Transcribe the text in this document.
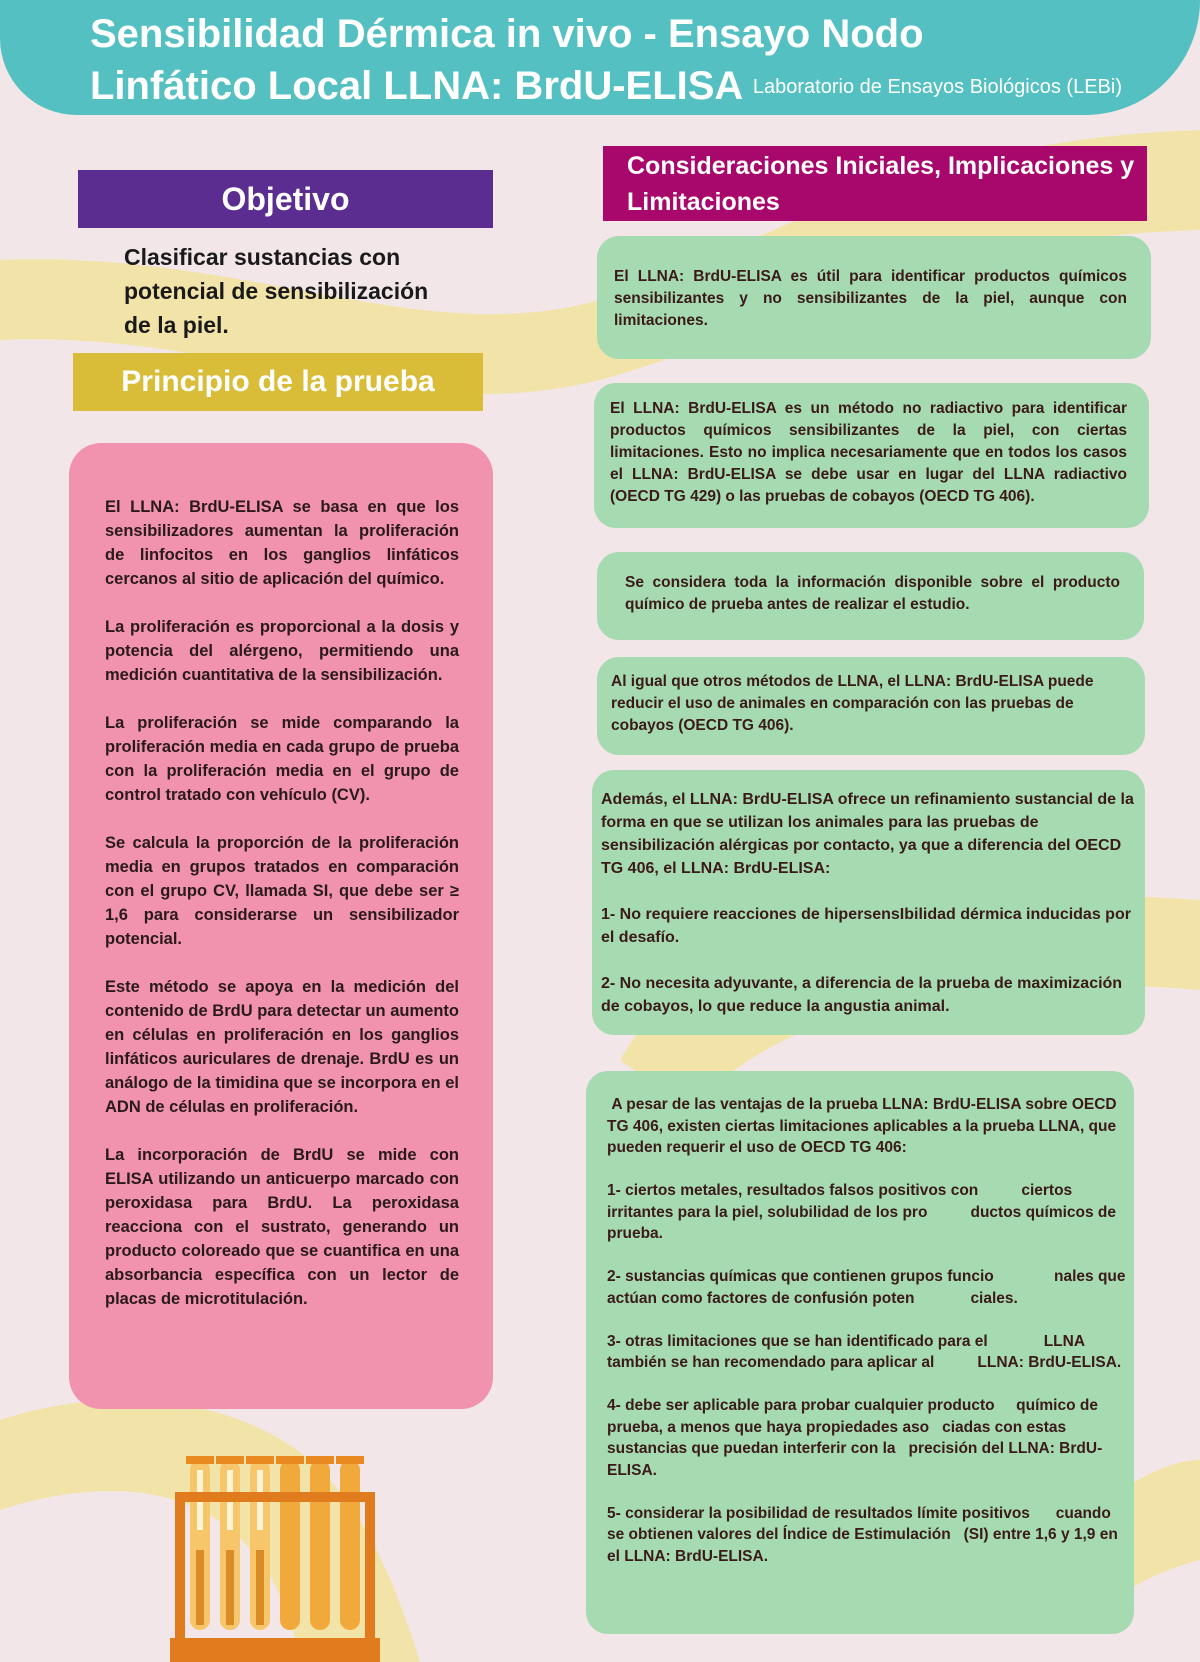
Sensibilidad Dérmica in vivo - Ensayo Nodo Linfático Local LLNA: BrdU-ELISA Laboratorio de Ensayos Biológicos (LEBi)
Objetivo
Clasificar sustancias con potencial de sensibilización de la piel.
Principio de la prueba

El LLNA: BrdU-ELISA se basa en que los sensibilizadores aumentan la proliferación de linfocitos en los ganglios linfáticos cercanos al sitio de aplicación del químico.

La proliferación es proporcional a la dosis y potencia del alérgeno, permitiendo una medición cuantitativa de la sensibilización.

La proliferación se mide comparando la proliferación media en cada grupo de prueba con la proliferación media en el grupo de control tratado con vehículo (CV).

Se calcula la proporción de la proliferación media en grupos tratados en comparación con el grupo CV, llamada SI, que debe ser ≥ 1,6 para considerarse un sensibilizador potencial.

Este método se apoya en la medición del contenido de BrdU para detectar un aumento en células en proliferación en los ganglios linfáticos auriculares de drenaje. BrdU es un análogo de la timidina que se incorpora en el ADN de células en proliferación.

La incorporación de BrdU se mide con ELISA utilizando un anticuerpo marcado con peroxidasa para BrdU. La peroxidasa reacciona con el sustrato, generando un producto coloreado que se cuantifica en una absorbancia específica con un lector de placas de microtitulación.

Consideraciones Iniciales, Implicaciones y Limitaciones

El LLNA: BrdU-ELISA es útil para identificar productos químicos sensibilizantes y no sensibilizantes de la piel, aunque con limitaciones.

El LLNA: BrdU-ELISA es un método no radiactivo para identificar productos químicos sensibilizantes de la piel, con ciertas limitaciones. Esto no implica necesariamente que en todos los casos el LLNA: BrdU-ELISA se debe usar en lugar del LLNA radiactivo (OECD TG 429) o las pruebas de cobayos (OECD TG 406).

Se considera toda la información disponible sobre el producto químico de prueba antes de realizar el estudio.

Al igual que otros métodos de LLNA, el LLNA: BrdU-ELISA puede reducir el uso de animales en comparación con las pruebas de cobayos (OECD TG 406).

Además, el LLNA: BrdU-ELISA ofrece un refinamiento sustancial de la forma en que se utilizan los animales para las pruebas de sensibilización alérgicas por contacto, ya que a diferencia del OECD TG 406, el LLNA: BrdU-ELISA:

1- No requiere reacciones de hipersensIbilidad dérmica inducidas por el desafío.

2- No necesita adyuvante, a diferencia de la prueba de maximización de cobayos, lo que reduce la angustia animal.

A pesar de las ventajas de la prueba LLNA: BrdU-ELISA sobre OECD TG 406, existen ciertas limitaciones aplicables a la prueba LLNA, que pueden requerir el uso de OECD TG 406:

1- ciertos metales, resultados falsos positivos con          ciertos irritantes para la piel, solubilidad de los pro          ductos químicos de prueba.

2- sustancias químicas que contienen grupos funcio              nales que actúan como factores de confusión poten             ciales.

3- otras limitaciones que se han identificado para el             LLNA también se han recomendado para aplicar al          LLNA: BrdU-ELISA.

4- debe ser aplicable para probar cualquier producto     químico de prueba, a menos que haya propiedades aso   ciadas con estas sustancias que puedan interferir con la   precisión del LLNA: BrdU-ELISA.

5- considerar la posibilidad de resultados límite positivos      cuando se obtienen valores del Índice de Estimulación   (SI) entre 1,6 y 1,9 en el LLNA: BrdU-ELISA.
